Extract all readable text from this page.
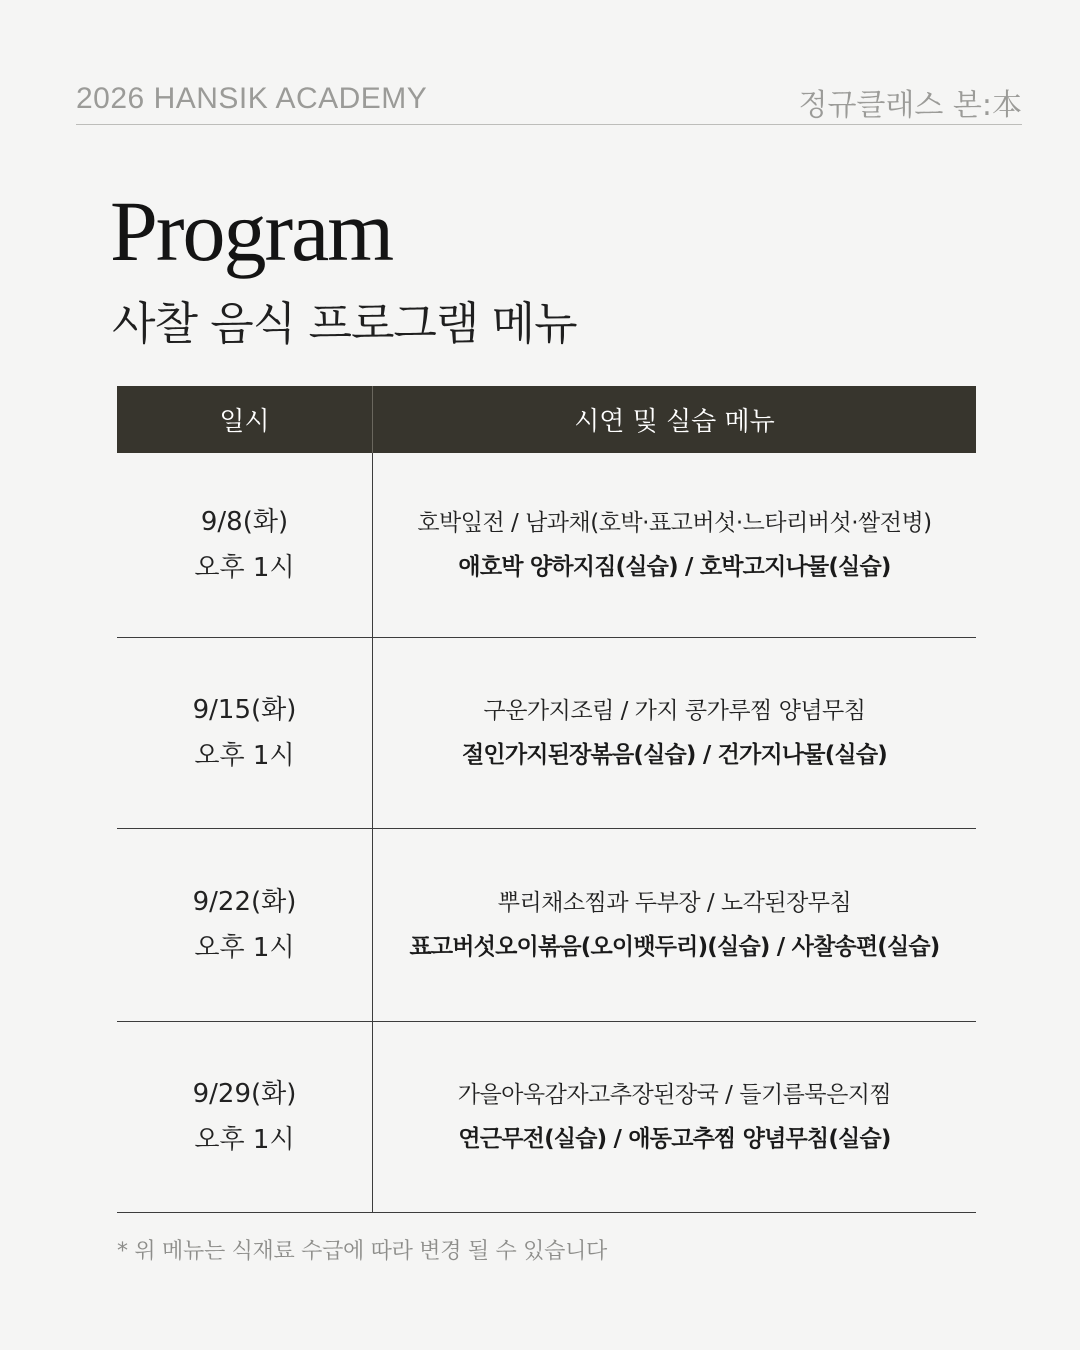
2026 HANSIK ACADEMY	정규클래스 본:本
Program
사찰 음식 프로그램 메뉴
일시	시연 및 실습 메뉴
9/8(화)
오후 1시
호박잎전 / 남과채(호박·표고버섯·느타리버섯·쌀전병)
애호박 양하지짐(실습) / 호박고지나물(실습)
9/15(화)
오후 1시
구운가지조림 / 가지 콩가루찜 양념무침
절인가지된장볶음(실습) / 건가지나물(실습)
9/22(화)
오후 1시
뿌리채소찜과 두부장 / 노각된장무침
표고버섯오이볶음(오이뱃두리)(실습) / 사찰송편(실습)
9/29(화)
오후 1시
가을아욱감자고추장된장국 / 들기름묵은지찜
연근무전(실습) / 애동고추찜 양념무침(실습)
* 위 메뉴는 식재료 수급에 따라 변경 될 수 있습니다
